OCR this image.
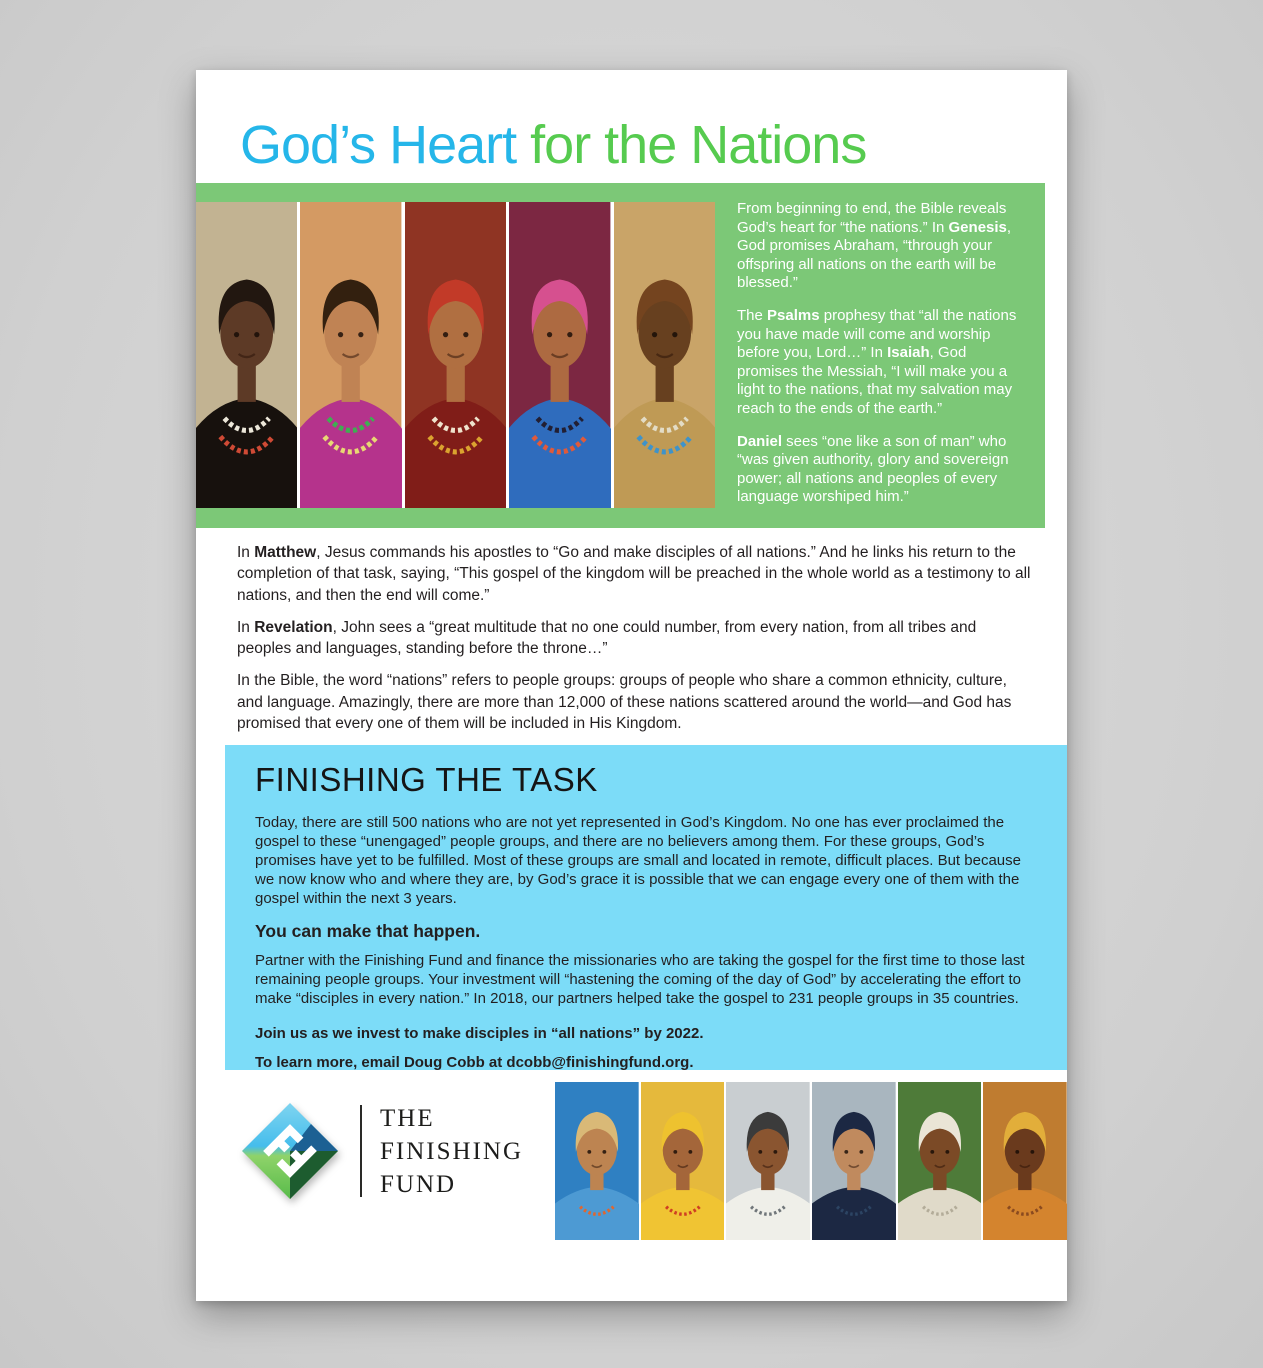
God’s Heart for the Nations

From beginning to end, the Bible reveals God’s heart for “the nations.” In Genesis, God promises Abraham, “through your offspring all nations on the earth will be blessed.”

The Psalms prophesy that “all the nations you have made will come and worship before you, Lord…” In Isaiah, God promises the Messiah, “I will make you a light to the nations, that my salvation may reach to the ends of the earth.”

Daniel sees “one like a son of man” who “was given authority, glory and sovereign power; all nations and peoples of every language worshiped him.”

In Matthew, Jesus commands his apostles to “Go and make disciples of all nations.” And he links his return to the completion of that task, saying, “This gospel of the kingdom will be preached in the whole world as a testimony to all nations, and then the end will come.”

In Revelation, John sees a “great multitude that no one could number, from every nation, from all tribes and peoples and languages, standing before the throne…”

In the Bible, the word “nations” refers to people groups: groups of people who share a common ethnicity, culture, and language. Amazingly, there are more than 12,000 of these nations scattered around the world—and God has promised that every one of them will be included in His Kingdom.

FINISHING THE TASK

Today, there are still 500 nations who are not yet represented in God’s Kingdom. No one has ever proclaimed the gospel to these “unengaged” people groups, and there are no believers among them. For these groups, God’s promises have yet to be fulfilled. Most of these groups are small and located in remote, difficult places. But because we now know who and where they are, by God’s grace it is possible that we can engage every one of them with the gospel within the next 3 years.

You can make that happen.

Partner with the Finishing Fund and finance the missionaries who are taking the gospel for the first time to those last remaining people groups. Your investment will “hastening the coming of the day of God” by accelerating the effort to make “disciples in every nation.” In 2018, our partners helped take the gospel to 231 people groups in 35 countries.

Join us as we invest to make disciples in “all nations” by 2022.

To learn more, email Doug Cobb at dcobb@finishingfund.org.

THE
FINISHING
FUND
